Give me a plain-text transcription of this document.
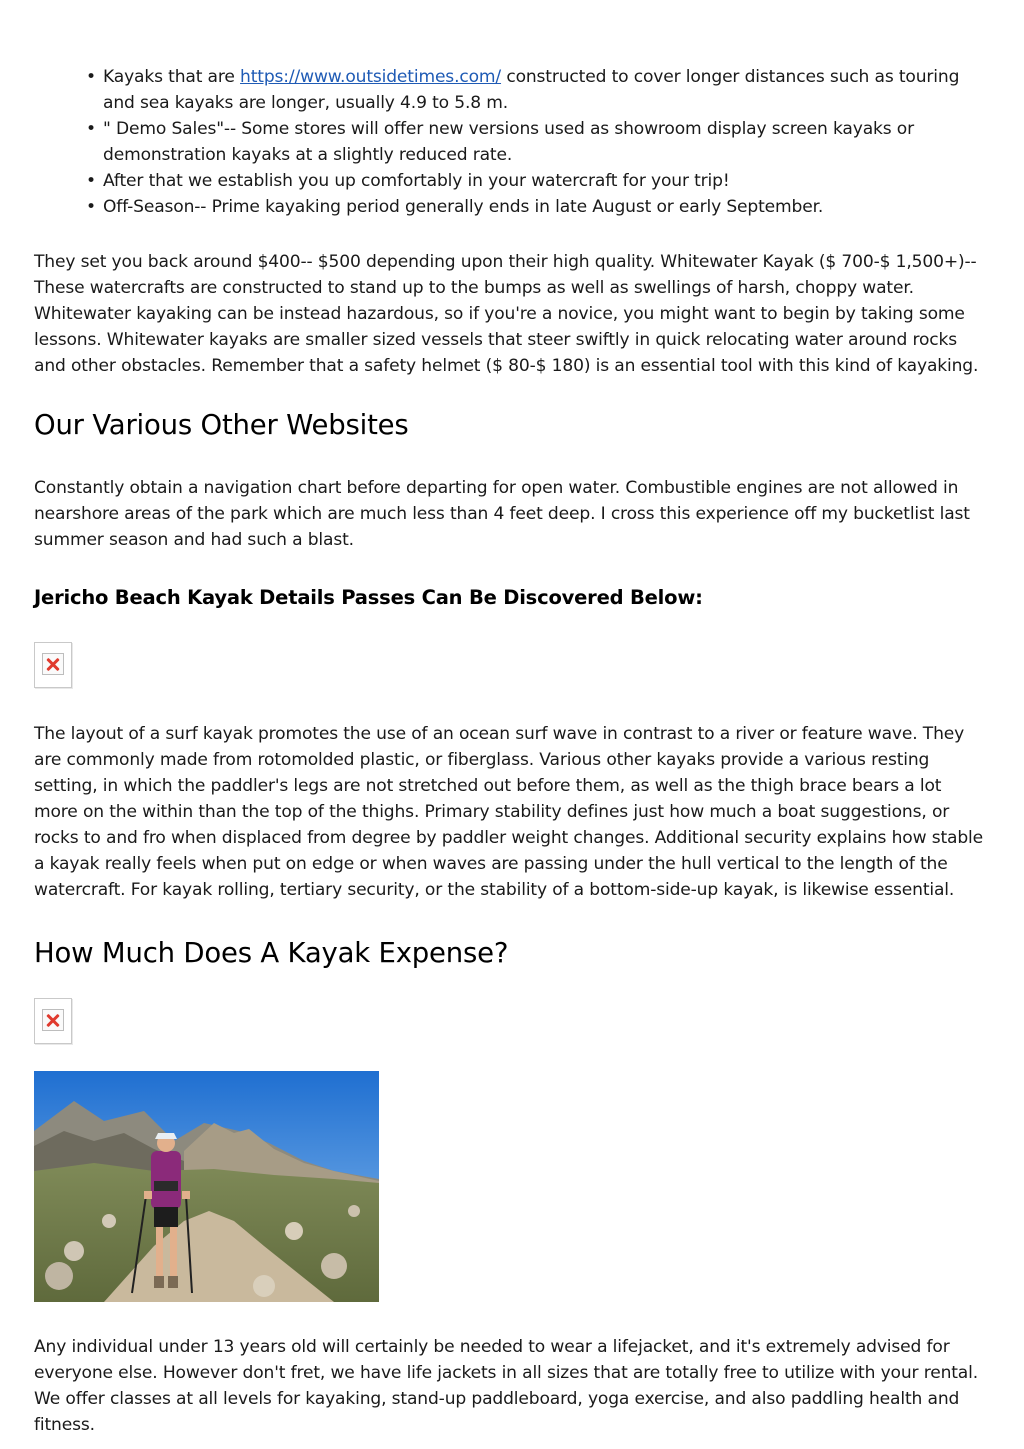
• Kayaks that are https://www.outsidetimes.com/ constructed to cover longer distances such as touring and sea kayaks are longer, usually 4.9 to 5.8 m.
• " Demo Sales"-- Some stores will offer new versions used as showroom display screen kayaks or demonstration kayaks at a slightly reduced rate.
• After that we establish you up comfortably in your watercraft for your trip!
• Off-Season-- Prime kayaking period generally ends in late August or early September.

They set you back around $400-- $500 depending upon their high quality. Whitewater Kayak ($ 700-$ 1,500+)-- These watercrafts are constructed to stand up to the bumps as well as swellings of harsh, choppy water. Whitewater kayaking can be instead hazardous, so if you're a novice, you might want to begin by taking some lessons. Whitewater kayaks are smaller sized vessels that steer swiftly in quick relocating water around rocks and other obstacles. Remember that a safety helmet ($ 80-$ 180) is an essential tool with this kind of kayaking.

Our Various Other Websites

Constantly obtain a navigation chart before departing for open water. Combustible engines are not allowed in nearshore areas of the park which are much less than 4 feet deep. I cross this experience off my bucketlist last summer season and had such a blast.

Jericho Beach Kayak Details Passes Can Be Discovered Below:

The layout of a surf kayak promotes the use of an ocean surf wave in contrast to a river or feature wave. They are commonly made from rotomolded plastic, or fiberglass. Various other kayaks provide a various resting setting, in which the paddler's legs are not stretched out before them, as well as the thigh brace bears a lot more on the within than the top of the thighs. Primary stability defines just how much a boat suggestions, or rocks to and fro when displaced from degree by paddler weight changes. Additional security explains how stable a kayak really feels when put on edge or when waves are passing under the hull vertical to the length of the watercraft. For kayak rolling, tertiary security, or the stability of a bottom-side-up kayak, is likewise essential.

How Much Does A Kayak Expense?

Any individual under 13 years old will certainly be needed to wear a lifejacket, and it's extremely advised for everyone else. However don't fret, we have life jackets in all sizes that are totally free to utilize with your rental. We offer classes at all levels for kayaking, stand-up paddleboard, yoga exercise, and also paddling health and fitness.
